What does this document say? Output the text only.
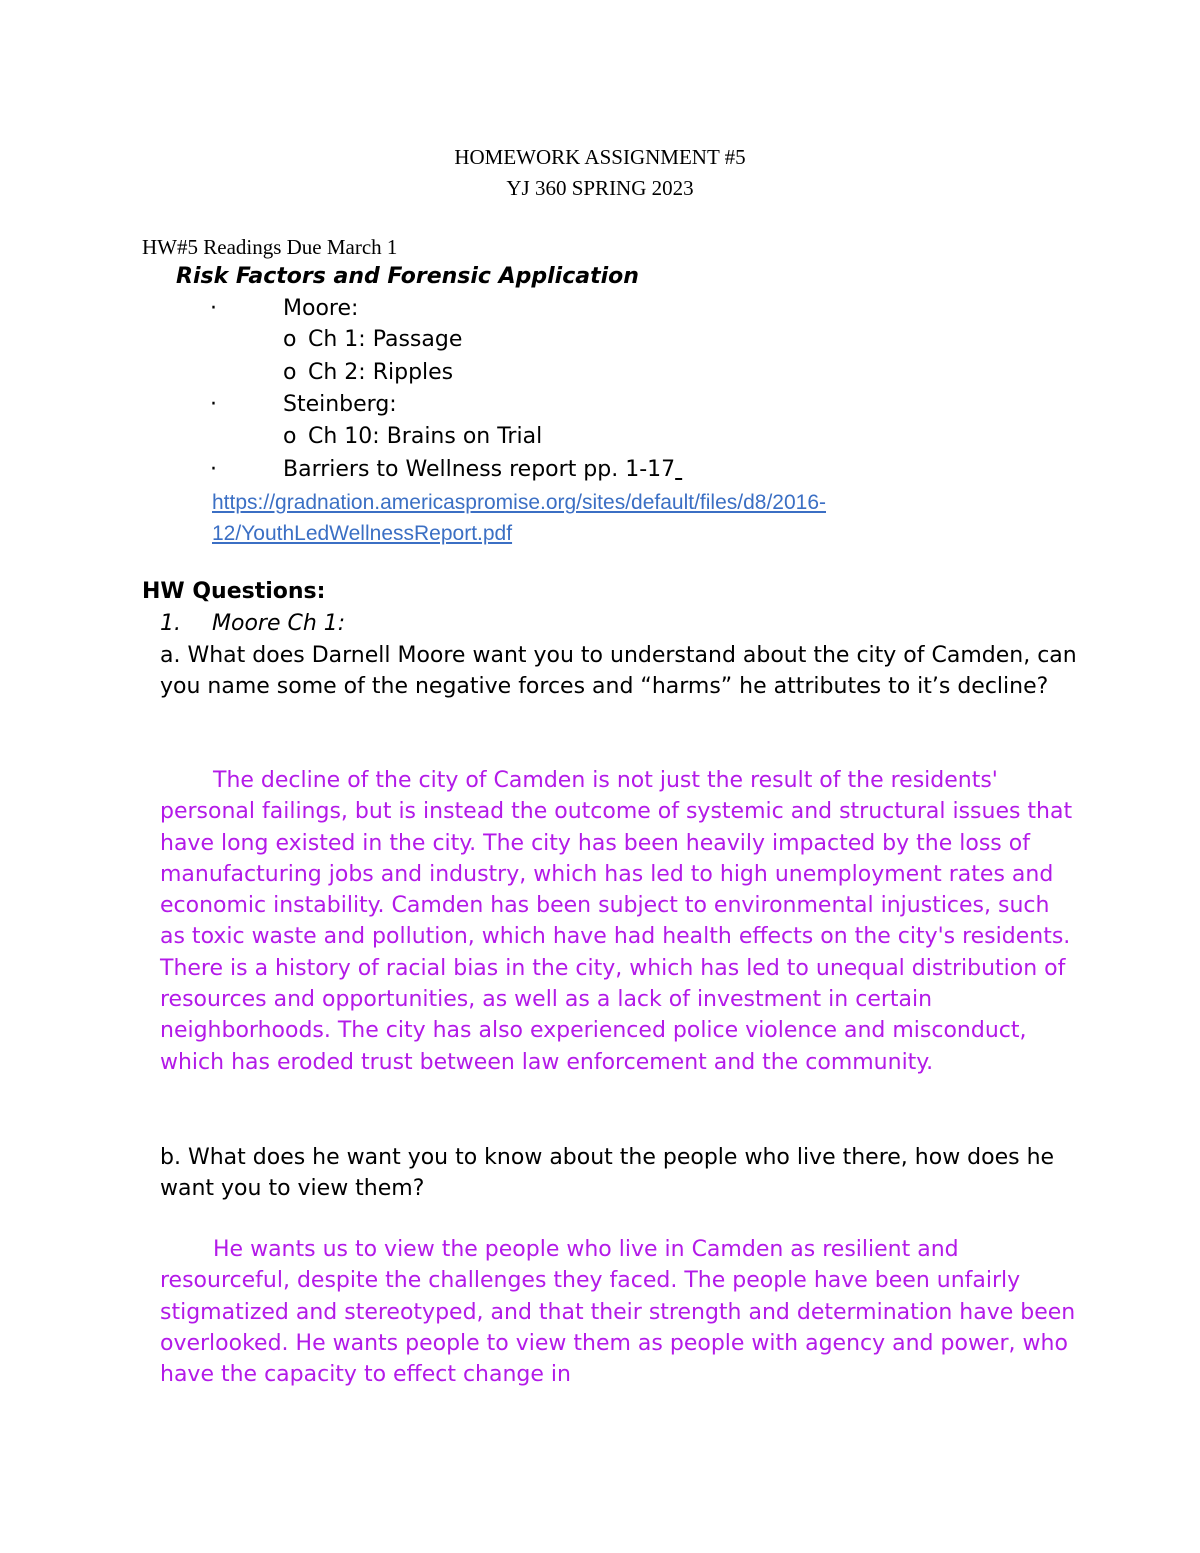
HOMEWORK ASSIGNMENT #5
YJ 360 SPRING 2023
HW#5 Readings Due March 1
Risk Factors and Forensic Application
·	Moore:
o Ch 1: Passage
o Ch 2: Ripples
·	Steinberg:
o Ch 10: Brains on Trial
·	Barriers to Wellness report pp. 1-17
https://gradnation.americaspromise.org/sites/default/files/d8/2016-
12/YouthLedWellnessReport.pdf
HW Questions:
1. Moore Ch 1:

a. What does Darnell Moore want you to understand about the city of Camden, can you name some of the negative forces and “harms” he attributes to it’s decline?

The decline of the city of Camden is not just the result of the residents' personal failings, but is instead the outcome of systemic and structural issues that have long existed in the city. The city has been heavily impacted by the loss of manufacturing jobs and industry, which has led to high unemployment rates and economic instability. Camden has been subject to environmental injustices, such as toxic waste and pollution, which have had health effects on the city's residents. There is a history of racial bias in the city, which has led to unequal distribution of resources and opportunities, as well as a lack of investment in certain neighborhoods. The city has also experienced police violence and misconduct, which has eroded trust between law enforcement and the community.

b. What does he want you to know about the people who live there, how does he want you to view them?

He wants us to view the people who live in Camden as resilient and resourceful, despite the challenges they faced. The people have been unfairly stigmatized and stereotyped, and that their strength and determination have been overlooked. He wants people to view them as people with agency and power, who have the capacity to effect change in
